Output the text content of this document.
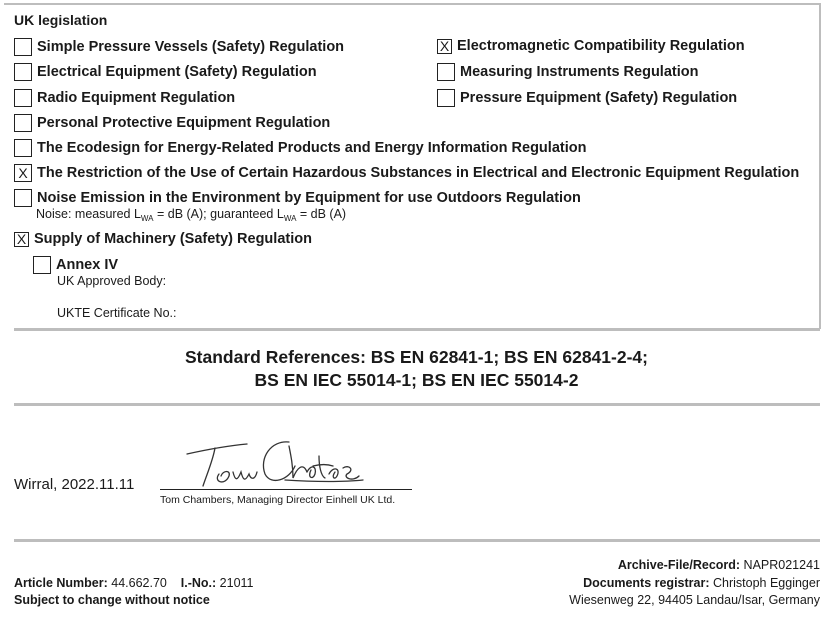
UK legislation
Simple Pressure Vessels (Safety) Regulation
Electrical Equipment (Safety) Regulation
Radio Equipment Regulation
Personal Protective Equipment Regulation
The Ecodesign for Energy-Related Products and Energy Information Regulation
X The Restriction of the Use of Certain Hazardous Substances in Electrical and Electronic Equipment Regulation
Noise Emission in the Environment by Equipment for use Outdoors Regulation
Noise: measured $L_{WA}$ = dB (A); guaranteed $L_{WA}$ = dB (A)
X Supply of Machinery (Safety) Regulation
Annex IV
UK Approved Body:
UKTE Certificate No.:
X Electromagnetic Compatibility Regulation
Measuring Instruments Regulation
Pressure Equipment (Safety) Regulation
Standard References: BS EN 62841-1; BS EN 62841-2-4;
BS EN IEC 55014-1; BS EN IEC 55014-2
Wirral, 2022.11.11
Tom Chambers, Managing Director Einhell UK Ltd.
Archive-File/Record: NAPR021241
Documents registrar: Christoph Egginger
Wiesenweg 22, 94405 Landau/Isar, Germany
Article Number: 44.662.70 I.-No.: 21011
Subject to change without notice
